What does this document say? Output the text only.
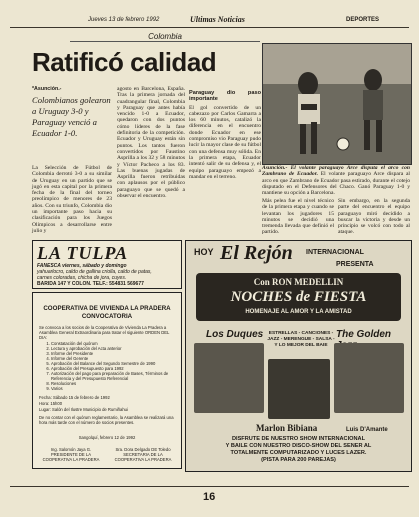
Jueves 13 de febrero 1992	Ultimas Noticias	DEPORTES
Colombia
Ratificó calidad
*Asunción.-
Colombianos golearon a Uruguay 3-0 y Paraguay venció a Ecuador 1-0.
La Selección de Fútbol de Colombia derrotó 3-0 a su similar de Uruguay en un partido que se jugó en esta capital por la primera fecha de la final del torneo preolímpico de menores de 23 años. Con su triunfo, Colombia dio un importante paso hacia su clasificación para los Juegos Olímpicos a desarrollarse entre julio y
agosto en Barcelona, España. Tras la primera jornada del cuadrangular final, Colombia y Paraguay que antes había vencido 1-0 a Ecuador, quedaron con dos puntos cómo líderes de la fase definitoria de la competición. Ecuador y Uruguay están sin puntos. Los tantos fueron convertidos por Faustino Asprilla a los 32 y 58 minutos y Víctor Pacheco a los 83. Las buenas jugadas de Asprilla fueron retribuidas con aplausos por el público paraguayo que se quedó a observar el encuentro.
Paraguay dio paso importante
El gol convertido de un cabezazo por Carlos Gamarra a los 60 minutos, catalizó la diferencia en el encuentro donde Ecuador en ese compromiso vio Paraguay pudo lucir la mayor clase de su fútbol con una defensa muy sólida. En la primera etapa, Ecuador intentó salir de su defensa y, el equipo paraguayo empezó a mandar en el terreno.
Asunción.- El volante paraguayo Arce disputa el arco con Zambrano de Ecuador. El volante paraguayo Arce dispara al arco en que Zambrano de Ecuador pasa estirado, durante el cotejo disputado en el Defensores del Chaco. Ganó Paraguay 1-0 y mantiene su opción a Barcelona.
Más pelea fue el nivel técnico de la primera etapa y cuando se levantan los jugadores 15 minutos se decidió una tremenda llevada que definió el partido.
Sin embargo, en la segunda parte del encuentro el equipo paraguayo miró decidido a buscar la victoria y desde un principio se volcó con todo al ataque.
LA TULPA
FANESCA viernes, sábado y domingo
yahuarlocro, caldo de gallina criolla, caldo de patas,
carnes coloradas, chicha de jora, cuyes.
BARIDA 147 Y COLON. TELF.: 554831 569677
COOPERATIVA DE VIVIENDA LA PRADERA
CONVOCATORIA
Se convoca a los socios de la Cooperativa de Vivienda La Pradera a Asamblea General Extraordinaria para tratar el siguiente ORDEN DEL DIA:
1. Constatación del quórum
2. Lectura y aprobación del Acta anterior
3. Informe del Presidente
4. Informe del Gerente
5. Aprobación del Balance del Segundo Semestre de 1990
6. Aprobación del Presupuesto para 1992
7. Autorización del pago para preparación de Bases, Términos de Referencia y del Presupuesto Referencial
8. Resoluciones
9. Varios
Fecha: Sábado 15 de febrero de 1992
Hora: 15h00
Lugar: Salón del Ilustre Municipio de Rumiñahui
De no contar con el quórum reglamentario, la Asamblea se realizará una hora más tarde con el número de socios presentes.
Sangolquí, febrero 12 de 1992
Ing. Salomón Jaya G. PRESIDENTE DE LA COOPERATIVA LA PRADERA
Sra. Dora Delgado DE Toledo SECRETARIA DE LA COOPERATIVA LA PRADERA
HOY El Rejón INTERNACIONAL
PRESENTA
Con RON MEDELLIN
NOCHES de FIESTA
HOMENAJE AL AMOR Y LA AMISTAD
Los Duques	The Golden
ESTRELLAS - CANCIONES - JAZZ - MERENGUE - SALSA - Y LO MEJOR DEL BAIE
Marlon Bibiana	Luis D'Amante
DISFRUTE DE NUESTRO SHOW INTERNACIONAL
Y BAILE CON NUESTRO DISCO-SHOW DEL SENER AL
TOTALMENTE COMPUTARIZADO Y LUCES LAZER.
(PISTA PARA 200 PAREJAS)
16
